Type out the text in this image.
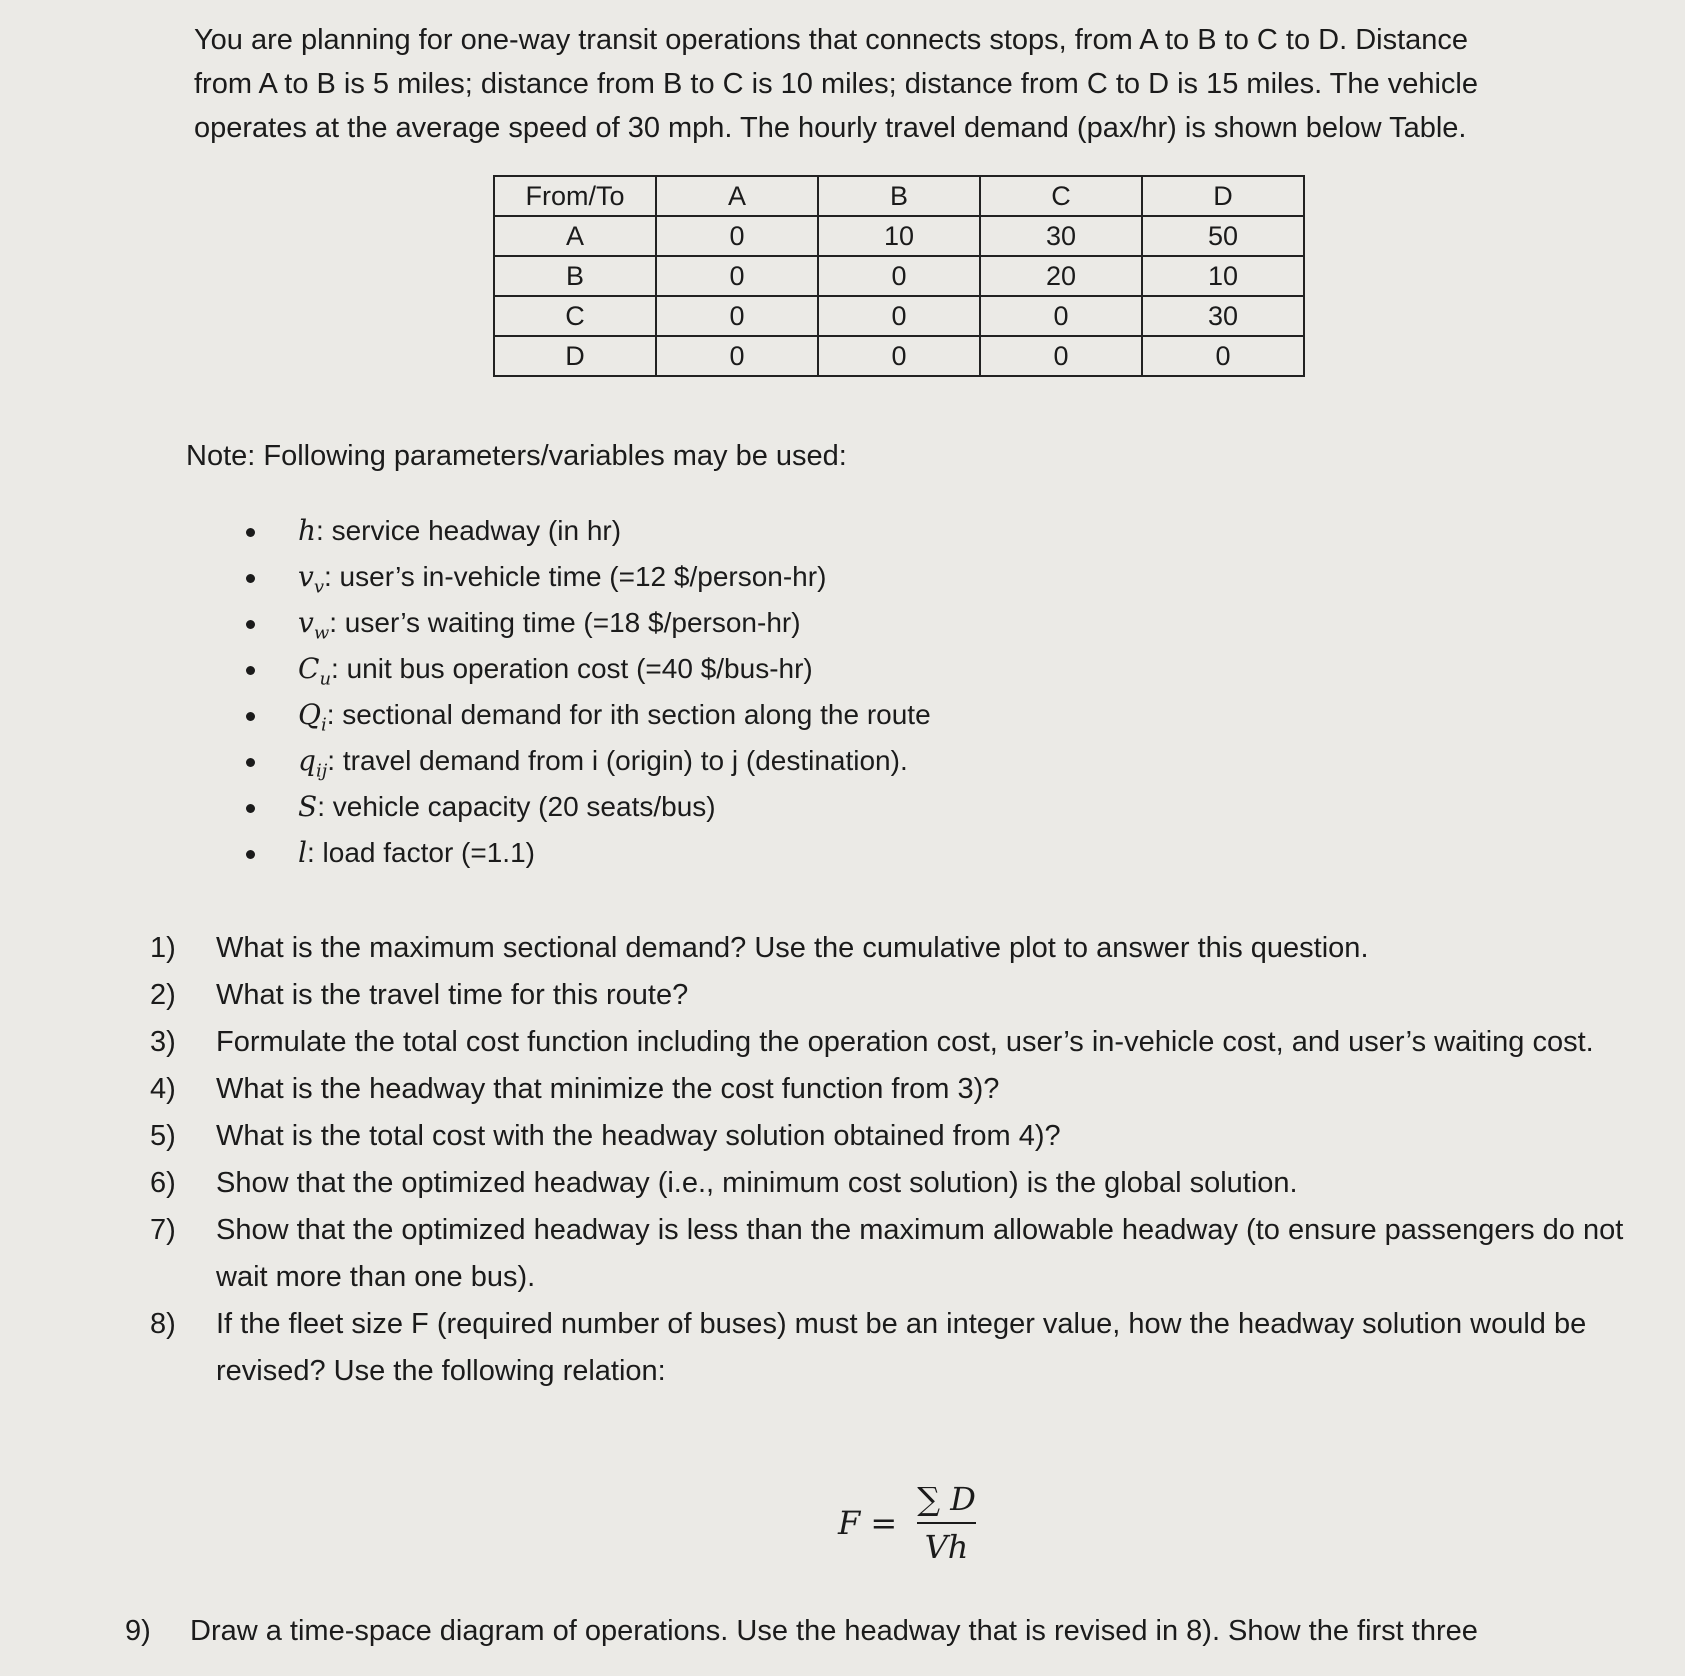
You are planning for one-way transit operations that connects stops, from A to B to C to D. Distance

from A to B is 5 miles; distance from B to C is 10 miles; distance from C to D is 15 miles. The vehicle

operates at the average speed of 30 mph. The hourly travel demand (pax/hr) is shown below Table.

From/To	A	B	C	D
A	0	10	30	50
B	0	0	20	10
C	0	0	0	30
D	0	0	0	0
Note: Following parameters/variables may be used:
h: service headway (in hr)
$v_v$: user’s in-vehicle time (=12 $/person-hr)
$v_w$: user’s waiting time (=18 $/person-hr)
$C_u$: unit bus operation cost (=40 $/bus-hr)
$Q_i$: sectional demand for ith section along the route
$q_{ij}$: travel demand from i (origin) to j (destination).
S: vehicle capacity (20 seats/bus)
l: load factor (=1.1)
1) What is the maximum sectional demand? Use the cumulative plot to answer this question.
2) What is the travel time for this route?
3) Formulate the total cost function including the operation cost, user’s in-vehicle cost, and user’s waiting cost.
4) What is the headway that minimize the cost function from 3)?
5) What is the total cost with the headway solution obtained from 4)?
6) Show that the optimized headway (i.e., minimum cost solution) is the global solution.
7) Show that the optimized headway is less than the maximum allowable headway (to ensure passengers do not wait more than one bus).
8) If the fleet size F (required number of buses) must be an integer value, how the headway solution would be revised? Use the following relation:
$F = \frac{\sum D}{Vh}$
9)	Draw a time-space diagram of operations. Use the headway that is revised in 8). Show the first three
